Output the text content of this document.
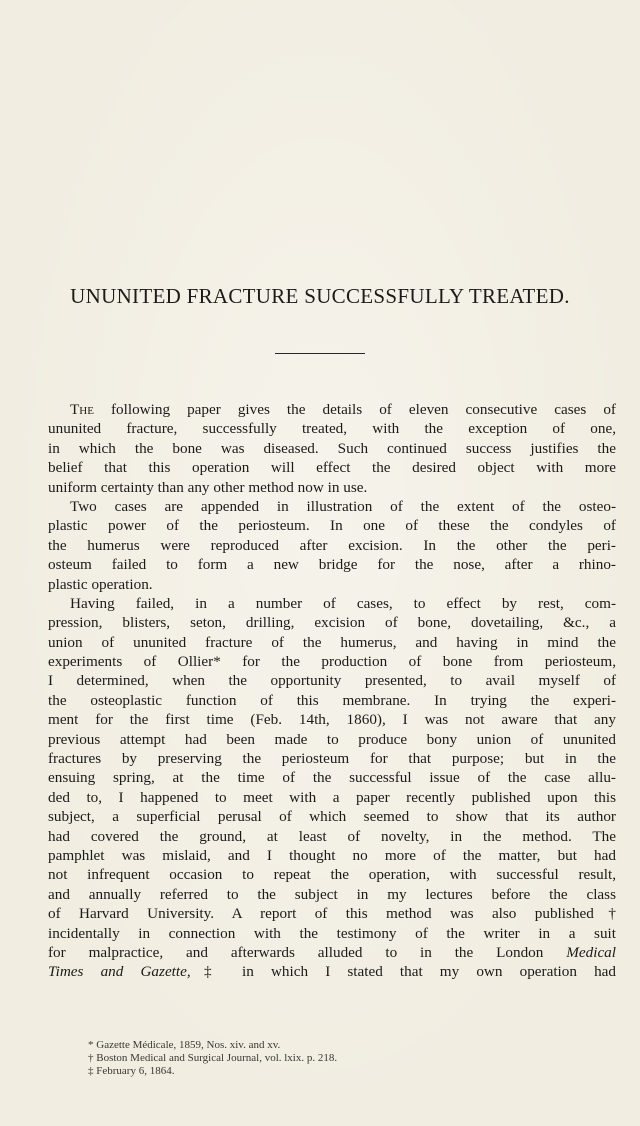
UNUNITED FRACTURE SUCCESSFULLY TREATED.
The following paper gives the details of eleven consecutive cases of
ununited fracture, successfully treated, with the exception of one,
in which the bone was diseased. Such continued success justifies the
belief that this operation will effect the desired object with more
uniform certainty than any other method now in use.
Two cases are appended in illustration of the extent of the osteo-
plastic power of the periosteum. In one of these the condyles of
the humerus were reproduced after excision. In the other the peri-
osteum failed to form a new bridge for the nose, after a rhino-
plastic operation.
Having failed, in a number of cases, to effect by rest, com-
pression, blisters, seton, drilling, excision of bone, dovetailing, &c., a
union of ununited fracture of the humerus, and having in mind the
experiments of Ollier* for the production of bone from periosteum,
I determined, when the opportunity presented, to avail myself of
the osteoplastic function of this membrane. In trying the experi-
ment for the first time (Feb. 14th, 1860), I was not aware that any
previous attempt had been made to produce bony union of ununited
fractures by preserving the periosteum for that purpose; but in the
ensuing spring, at the time of the successful issue of the case allu-
ded to, I happened to meet with a paper recently published upon this
subject, a superficial perusal of which seemed to show that its author
had covered the ground, at least of novelty, in the method. The
pamphlet was mislaid, and I thought no more of the matter, but had
not infrequent occasion to repeat the operation, with successful result,
and annually referred to the subject in my lectures before the class
of Harvard University. A report of this method was also published†
incidentally in connection with the testimony of the writer in a suit
for malpractice, and afterwards alluded to in the London Medical
Times and Gazette,‡ in which I stated that my own operation had
* Gazette Médicale, 1859, Nos. xiv. and xv.
† Boston Medical and Surgical Journal, vol. lxix. p. 218.
‡ February 6, 1864.
